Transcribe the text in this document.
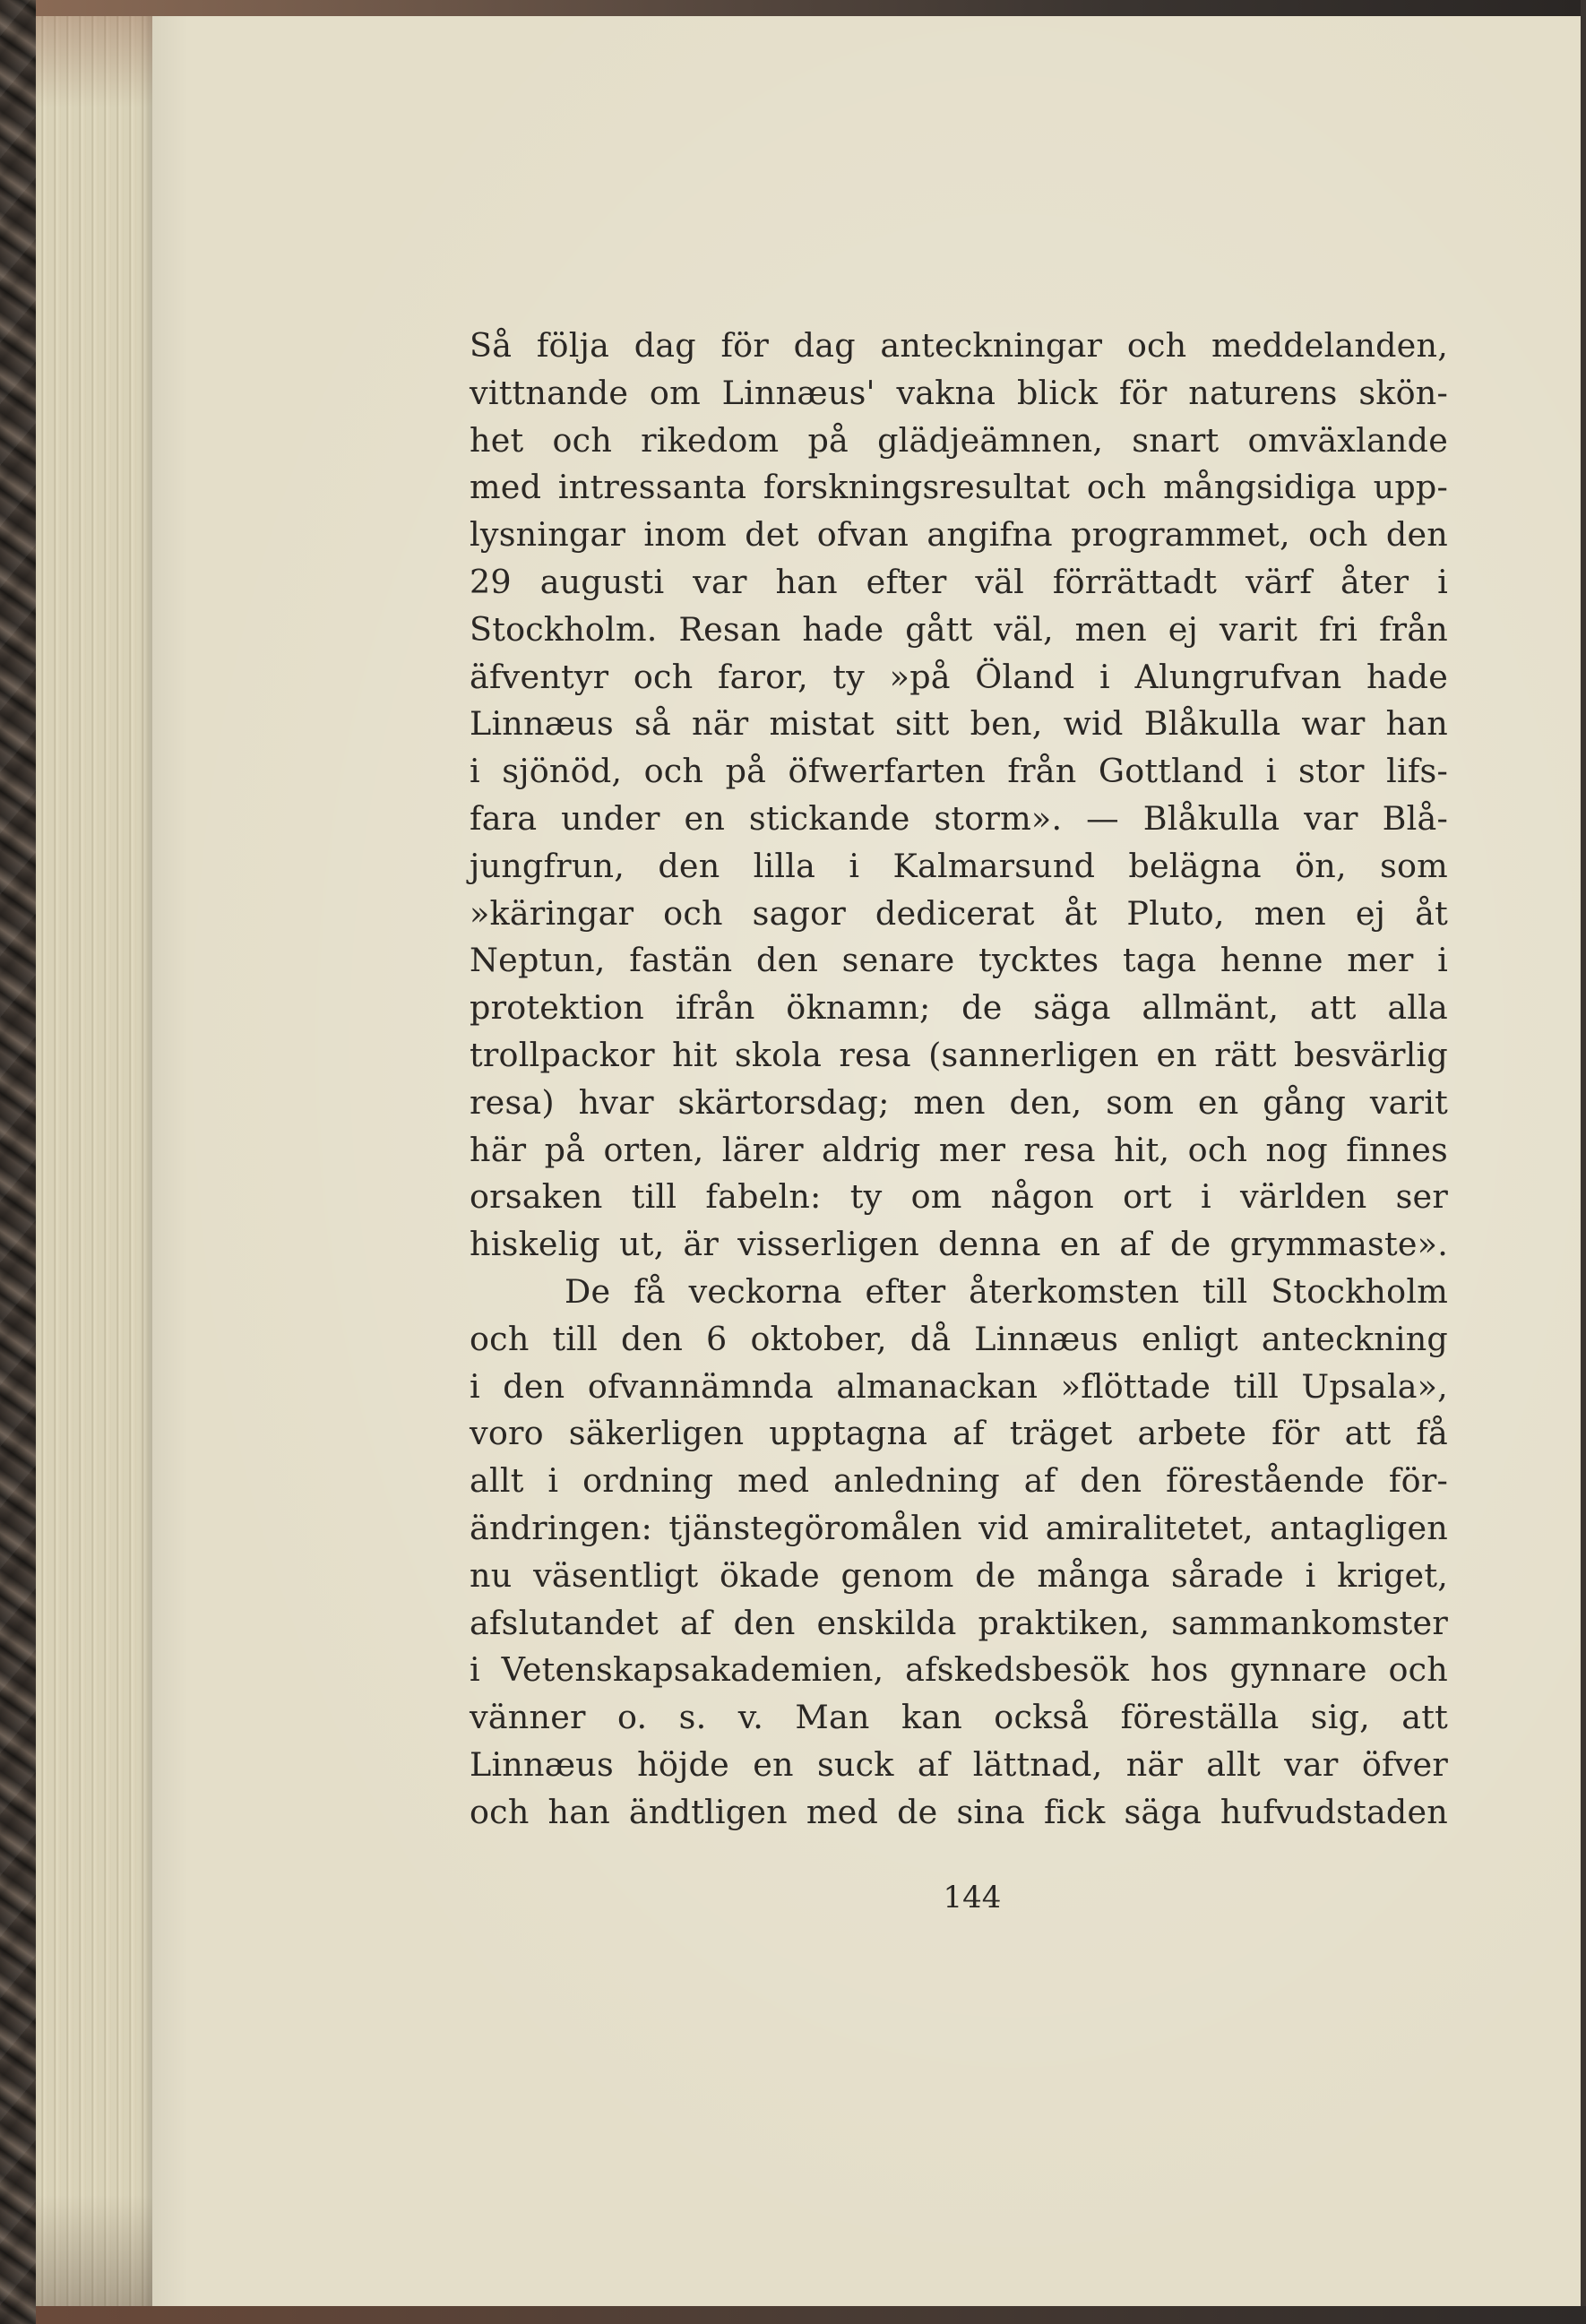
Så följa dag för dag anteckningar och meddelanden,
vittnande om Linnæus' vakna blick för naturens skön-
het och rikedom på glädjeämnen, snart omväxlande
med intressanta forskningsresultat och mångsidiga upp-
lysningar inom det ofvan angifna programmet, och den
29 augusti var han efter väl förrättadt värf åter i
Stockholm. Resan hade gått väl, men ej varit fri från
äfventyr och faror, ty »på Öland i Alungrufvan hade
Linnæus så när mistat sitt ben, wid Blåkulla war han
i sjönöd, och på öfwerfarten från Gottland i stor lifs-
fara under en stickande storm». — Blåkulla var Blå-
jungfrun, den lilla i Kalmarsund belägna ön, som
»käringar och sagor dedicerat åt Pluto, men ej åt
Neptun, fastän den senare tycktes taga henne mer i
protektion ifrån öknamn; de säga allmänt, att alla
trollpackor hit skola resa (sannerligen en rätt besvärlig
resa) hvar skärtorsdag; men den, som en gång varit
här på orten, lärer aldrig mer resa hit, och nog finnes
orsaken till fabeln: ty om någon ort i världen ser
hiskelig ut, är visserligen denna en af de grymmaste».
De få veckorna efter återkomsten till Stockholm
och till den 6 oktober, då Linnæus enligt anteckning
i den ofvannämnda almanackan »flöttade till Upsala»,
voro säkerligen upptagna af träget arbete för att få
allt i ordning med anledning af den förestående för-
ändringen: tjänstegöromålen vid amiralitetet, antagligen
nu väsentligt ökade genom de många sårade i kriget,
afslutandet af den enskilda praktiken, sammankomster
i Vetenskapsakademien, afskedsbesök hos gynnare och
vänner o. s. v. Man kan också föreställa sig, att
Linnæus höjde en suck af lättnad, när allt var öfver
och han ändtligen med de sina fick säga hufvudstaden
144
